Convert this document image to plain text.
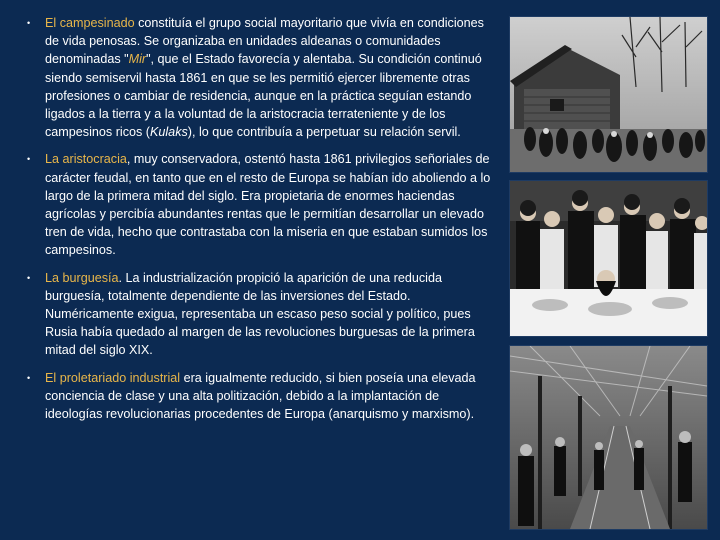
• El campesinado constituía el grupo social mayoritario que vivía en condiciones de vida penosas. Se organizaba en unidades aldeanas o comunidades denominadas "Mir", que el Estado favorecía y alentaba. Su condición continuó siendo semiservil hasta 1861 en que se les permitió ejercer libremente otras profesiones o cambiar de residencia, aunque en la práctica seguían estando ligados a la tierra y a la voluntad de la aristocracia terrateniente y de los campesinos ricos (Kulaks), lo que contribuía a perpetuar su relación servil.
• La aristocracia, muy conservadora, ostentó hasta 1861 privilegios señoriales de carácter feudal, en tanto que en el resto de Europa se habían ido aboliendo a lo largo de la primera mitad del siglo. Era propietaria de enormes haciendas agrícolas y percibía abundantes rentas que le permitían desarrollar un elevado tren de vida, hecho que contrastaba con la miseria en que estaban sumidos los campesinos.
• La burguesía. La industrialización propició la aparición de una reducida burguesía, totalmente dependiente de las inversiones del Estado. Numéricamente exigua, representaba un escaso peso social y político, pues Rusia había quedado al margen de las revoluciones burguesas de la primera mitad del siglo XIX.
• El proletariado industrial era igualmente reducido, si bien poseía una elevada conciencia de clase y una alta politización, debido a la implantación de ideologías revolucionarias procedentes de Europa (anarquismo y marxismo).
